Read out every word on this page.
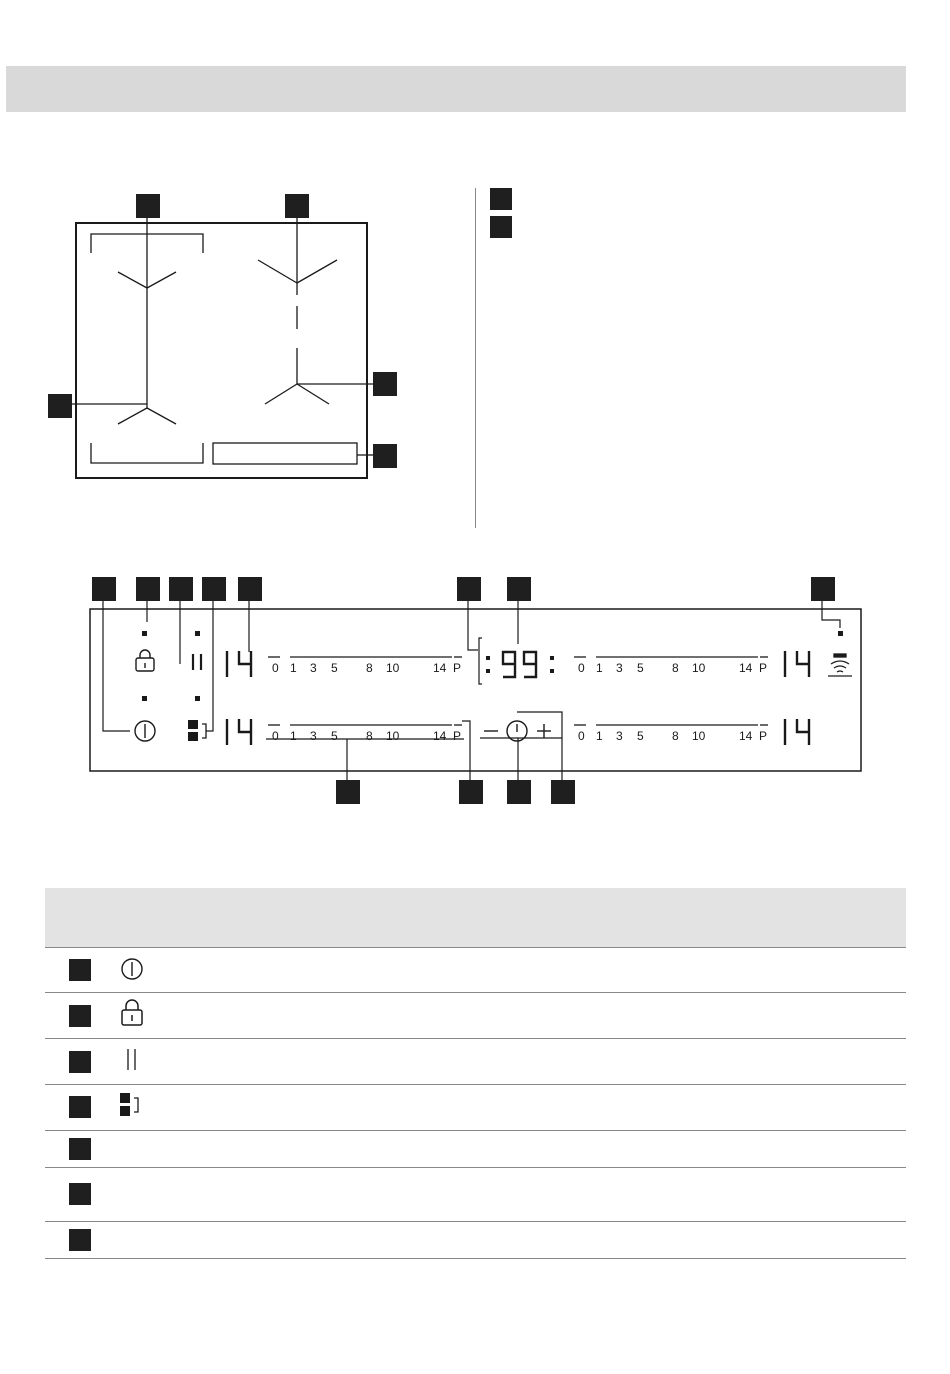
0 1 3 5 8 10	14 P
0 1 3 5 8 10	14 P
0 1 3 5 8 10	14 P
0 1 3 5 8 10	14 P
